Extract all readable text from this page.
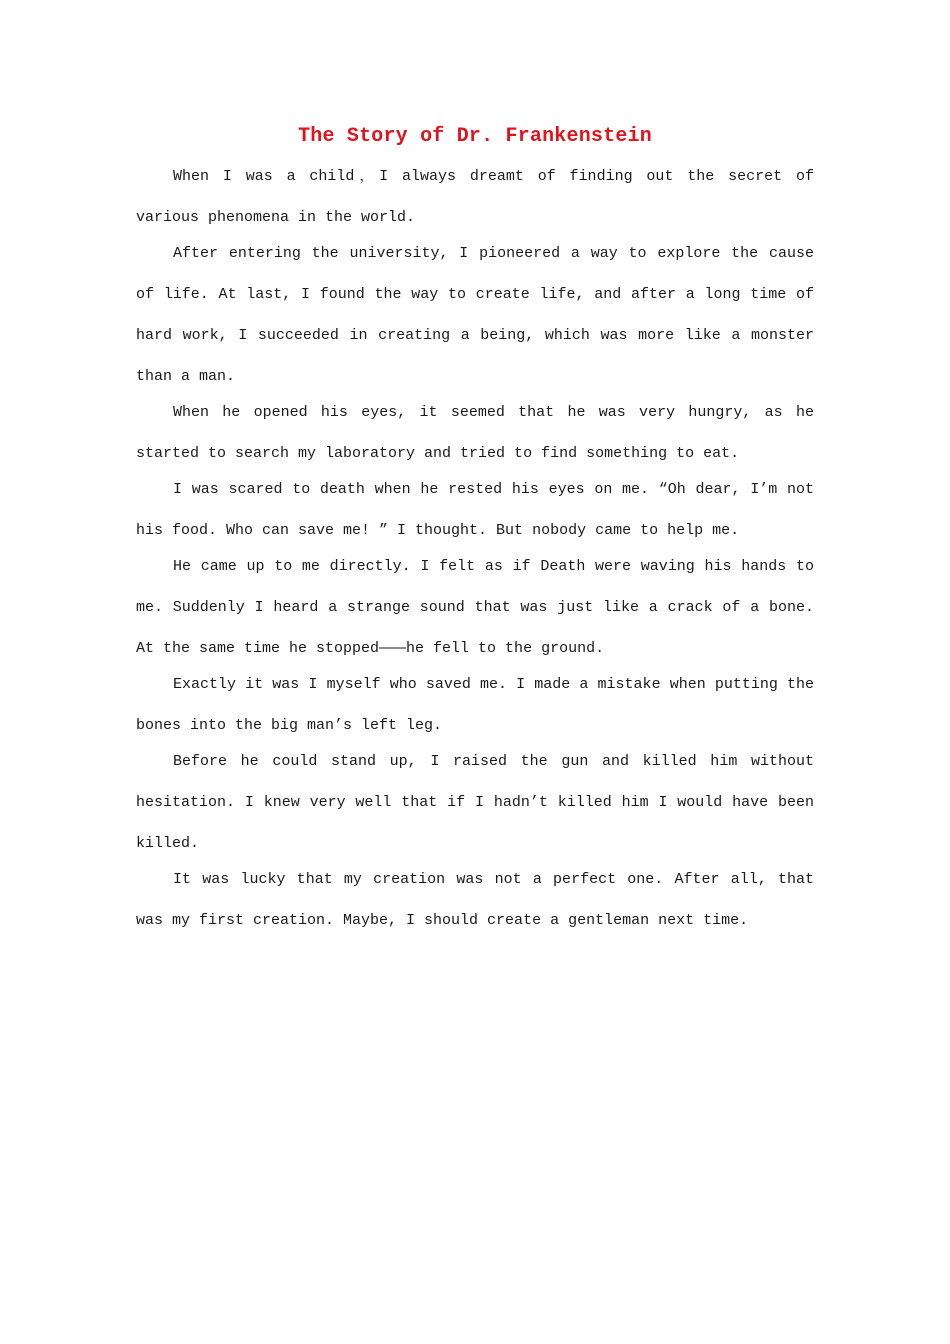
The Story of Dr. Frankenstein

When I was a child，I always dreamt of finding out the secret of various phenomena in the world.

After entering the university, I pioneered a way to explore the cause of life. At last, I found the way to create life, and after a long time of hard work, I succeeded in creating a being, which was more like a monster than a man.

When he opened his eyes, it seemed that he was very hungry, as he started to search my laboratory and tried to find something to eat.

I was scared to death when he rested his eyes on me. “Oh dear, I’m not his food. Who can save me! ” I thought. But nobody came to help me.

He came up to me directly. I felt as if Death were waving his hands to me. Suddenly I heard a strange sound that was just like a crack of a bone. At the same time he stopped———he fell to the ground.

Exactly it was I myself who saved me. I made a mistake when putting the bones into the big man’s left leg.

Before he could stand up, I raised the gun and killed him without hesitation. I knew very well that if I hadn’t killed him I would have been killed.

It was lucky that my creation was not a perfect one. After all, that was my first creation. Maybe, I should create a gentleman next time.
